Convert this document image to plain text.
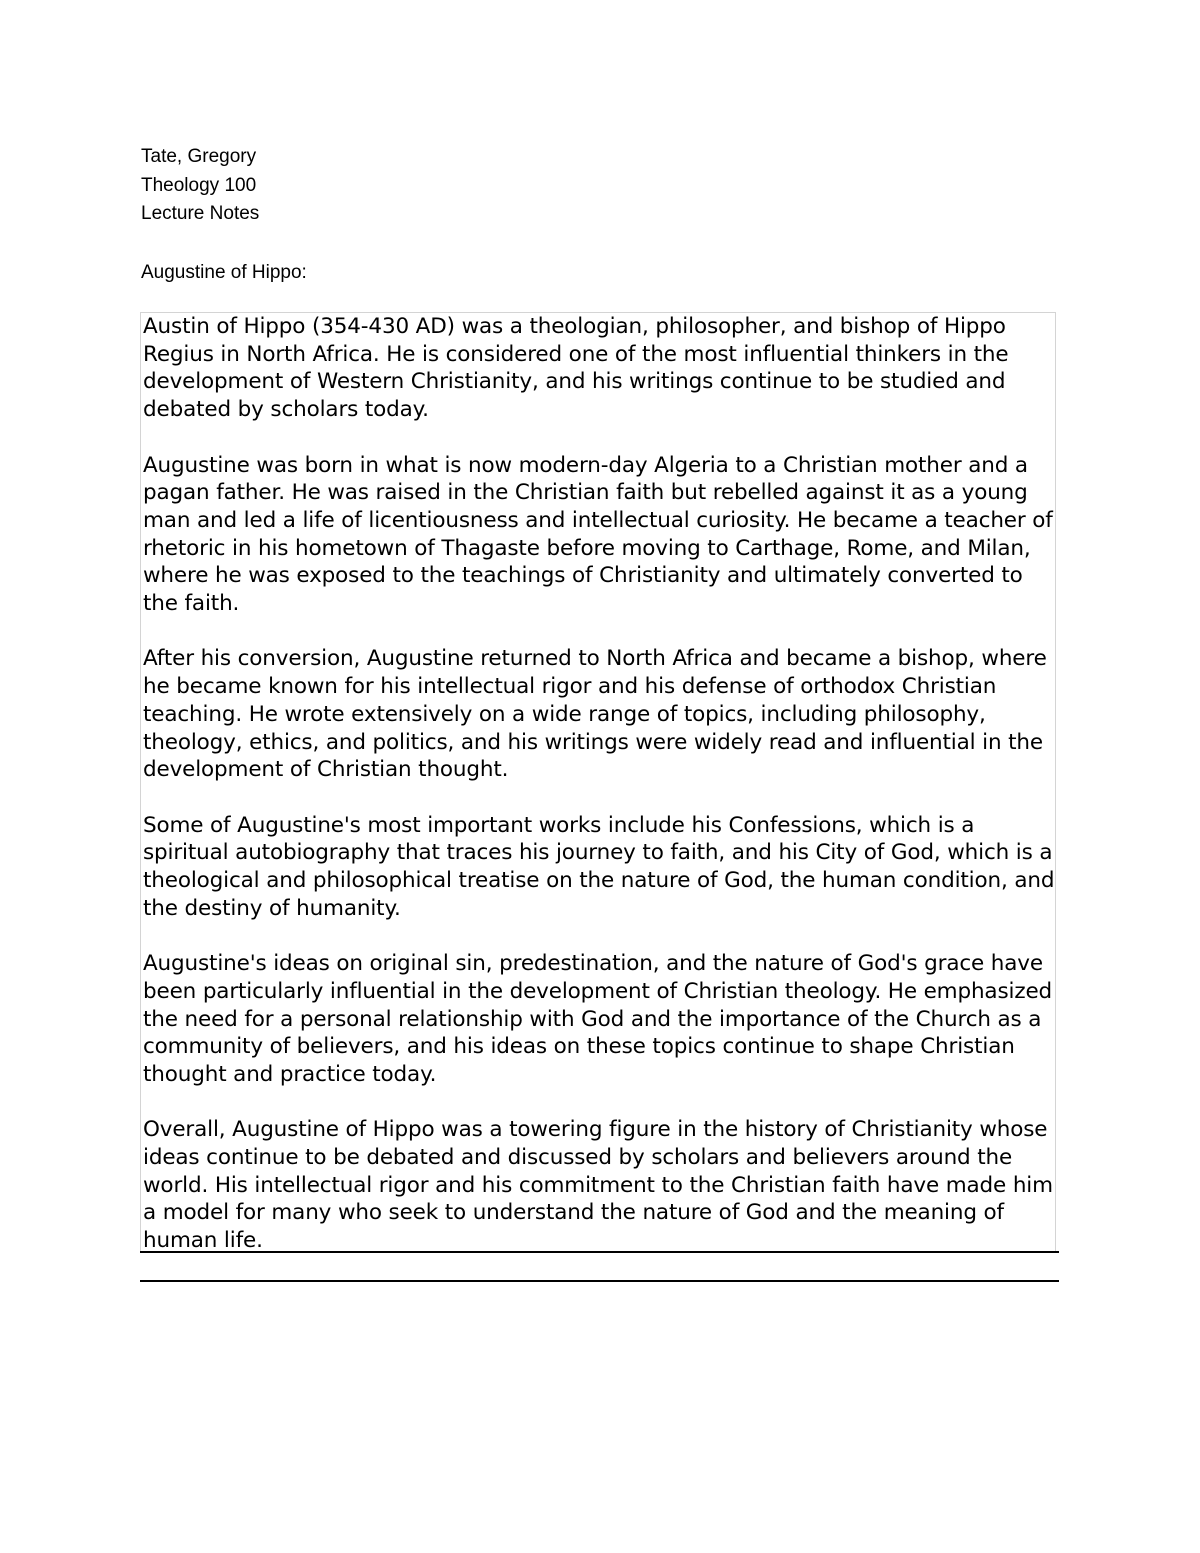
Tate, Gregory
Theology 100
Lecture Notes
Augustine of Hippo:

Austin of Hippo (354-430 AD) was a theologian, philosopher, and bishop of Hippo Regius in North Africa. He is considered one of the most influential thinkers in the development of Western Christianity, and his writings continue to be studied and debated by scholars today.

Augustine was born in what is now modern-day Algeria to a Christian mother and a pagan father. He was raised in the Christian faith but rebelled against it as a young man and led a life of licentiousness and intellectual curiosity. He became a teacher of rhetoric in his hometown of Thagaste before moving to Carthage, Rome, and Milan, where he was exposed to the teachings of Christianity and ultimately converted to the faith.

After his conversion, Augustine returned to North Africa and became a bishop, where he became known for his intellectual rigor and his defense of orthodox Christian teaching. He wrote extensively on a wide range of topics, including philosophy, theology, ethics, and politics, and his writings were widely read and influential in the development of Christian thought.

Some of Augustine's most important works include his Confessions, which is a spiritual autobiography that traces his journey to faith, and his City of God, which is a theological and philosophical treatise on the nature of God, the human condition, and the destiny of humanity.

Augustine's ideas on original sin, predestination, and the nature of God's grace have been particularly influential in the development of Christian theology. He emphasized the need for a personal relationship with God and the importance of the Church as a community of believers, and his ideas on these topics continue to shape Christian thought and practice today.

Overall, Augustine of Hippo was a towering figure in the history of Christianity whose ideas continue to be debated and discussed by scholars and believers around the world. His intellectual rigor and his commitment to the Christian faith have made him a model for many who seek to understand the nature of God and the meaning of human life.
